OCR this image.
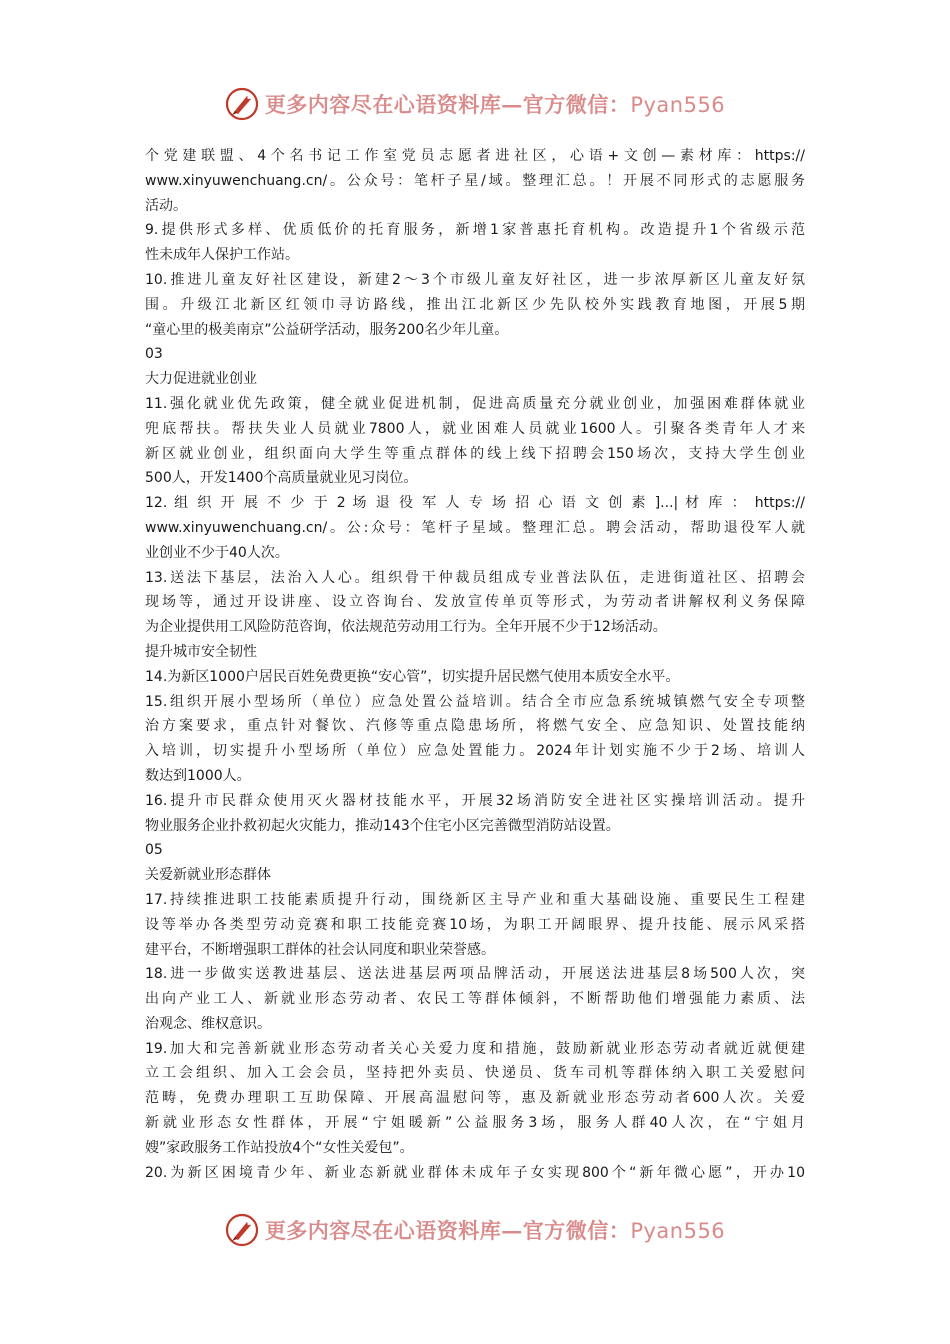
更多内容尽在心语资料库—官方微信：Pyan556
个党建联盟、4个名书记工作室党员志愿者进社区，心语+文创—素材库：https://
www.xinyuwenchuang.cn/。公众号：笔杆子星/域。整理汇总。！开展不同形式的志愿服务
活动。
9.提供形式多样、优质低价的托育服务，新增1家普惠托育机构。改造提升1个省级示范
性未成年人保护工作站。
10.推进儿童友好社区建设，新建2～3个市级儿童友好社区，进一步浓厚新区儿童友好氛
围。升级江北新区红领巾寻访路线，推出江北新区少先队校外实践教育地图，开展5期
“童心里的极美南京”公益研学活动，服务200名少年儿童。
03
大力促进就业创业
11.强化就业优先政策，健全就业促进机制，促进高质量充分就业创业，加强困难群体就业
兜底帮扶。帮扶失业人员就业7800人，就业困难人员就业1600人。引聚各类青年人才来
新区就业创业，组织面向大学生等重点群体的线上线下招聘会150场次，支持大学生创业
500人，开发1400个高质量就业见习岗位。
12. 组 织 开 展 不 少 于 2 场 退 役 军 人 专 场 招 心 语 文 创 素 ]...| 材 库 ： https://
www.xinyuwenchuang.cn/。公:众号：笔杆子星域。整理汇总。聘会活动，帮助退役军人就
业创业不少于40人次。
13.送法下基层，法治入人心。组织骨干仲裁员组成专业普法队伍，走进街道社区、招聘会
现场等，通过开设讲座、设立咨询台、发放宣传单页等形式，为劳动者讲解权利义务保障
为企业提供用工风险防范咨询，依法规范劳动用工行为。全年开展不少于12场活动。
提升城市安全韧性
14.为新区1000户居民百姓免费更换“安心管”，切实提升居民燃气使用本质安全水平。
15.组织开展小型场所（单位）应急处置公益培训。结合全市应急系统城镇燃气安全专项整
治方案要求，重点针对餐饮、汽修等重点隐患场所，将燃气安全、应急知识、处置技能纳
入培训，切实提升小型场所（单位）应急处置能力。2024年计划实施不少于2场、培训人
数达到1000人。
16.提升市民群众使用灭火器材技能水平，开展32场消防安全进社区实操培训活动。提升
物业服务企业扑救初起火灾能力，推动143个住宅小区完善微型消防站设置。
05
关爱新就业形态群体
17.持续推进职工技能素质提升行动，围绕新区主导产业和重大基础设施、重要民生工程建
设等举办各类型劳动竞赛和职工技能竞赛10场，为职工开阔眼界、提升技能、展示风采搭
建平台，不断增强职工群体的社会认同度和职业荣誉感。
18.进一步做实送教进基层、送法进基层两项品牌活动，开展送法进基层8场500人次，突
出向产业工人、新就业形态劳动者、农民工等群体倾斜，不断帮助他们增强能力素质、法
治观念、维权意识。
19.加大和完善新就业形态劳动者关心关爱力度和措施，鼓励新就业形态劳动者就近就便建
立工会组织、加入工会会员，坚持把外卖员、快递员、货车司机等群体纳入职工关爱慰问
范畴，免费办理职工互助保障、开展高温慰问等，惠及新就业形态劳动者600人次。关爱
新就业形态女性群体，开展“宁姐暖新”公益服务3场，服务人群40人次，在“宁姐月
嫂”家政服务工作站投放4个“女性关爱包”。
20.为新区困境青少年、新业态新就业群体未成年子女实现800个“新年微心愿”，开办10
更多内容尽在心语资料库—官方微信：Pyan556
